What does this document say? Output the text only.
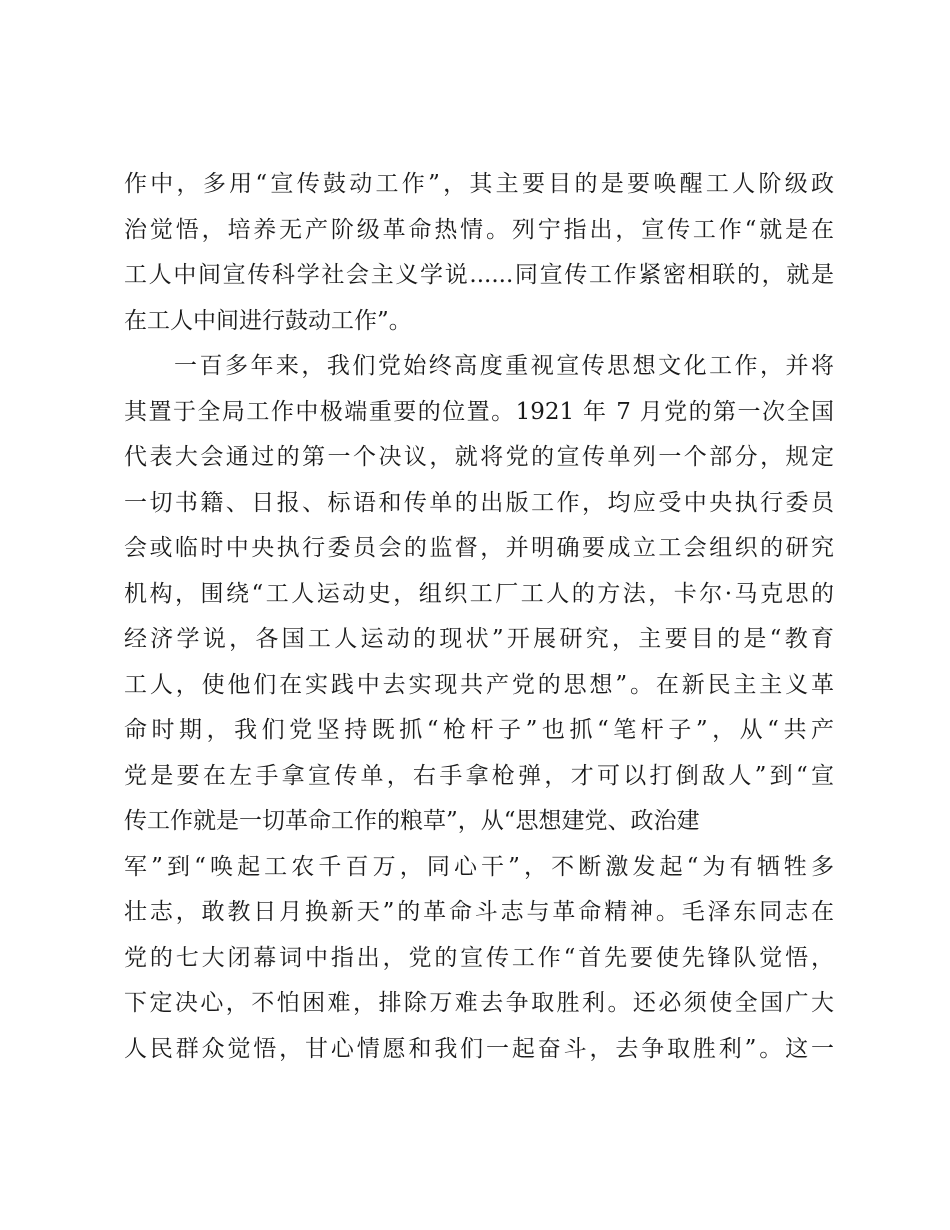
作中，多用“宣传鼓动工作”，其主要目的是要唤醒工人阶级政
治觉悟，培养无产阶级革命热情。列宁指出，宣传工作“就是在
工人中间宣传科学社会主义学说......同宣传工作紧密相联的，就是
在工人中间进行鼓动工作”。
一百多年来，我们党始终高度重视宣传思想文化工作，并将
其置于全局工作中极端重要的位置。1921 年 7 月党的第一次全国
代表大会通过的第一个决议，就将党的宣传单列一个部分，规定
一切书籍、日报、标语和传单的出版工作，均应受中央执行委员
会或临时中央执行委员会的监督，并明确要成立工会组织的研究
机构，围绕“工人运动史，组织工厂工人的方法，卡尔·马克思的
经济学说，各国工人运动的现状”开展研究，主要目的是“教育
工人，使他们在实践中去实现共产党的思想”。在新民主主义革
命时期，我们党坚持既抓“枪杆子”也抓“笔杆子”，从“共产
党是要在左手拿宣传单，右手拿枪弹，才可以打倒敌人”到“宣
传工作就是一切革命工作的粮草”，从“思想建党、政治建
军”到“唤起工农千百万，同心干”，不断激发起“为有牺牲多
壮志，敢教日月换新天”的革命斗志与革命精神。毛泽东同志在
党的七大闭幕词中指出，党的宣传工作“首先要使先锋队觉悟，
下定决心，不怕困难，排除万难去争取胜利。还必须使全国广大
人民群众觉悟，甘心情愿和我们一起奋斗，去争取胜利”。这一
